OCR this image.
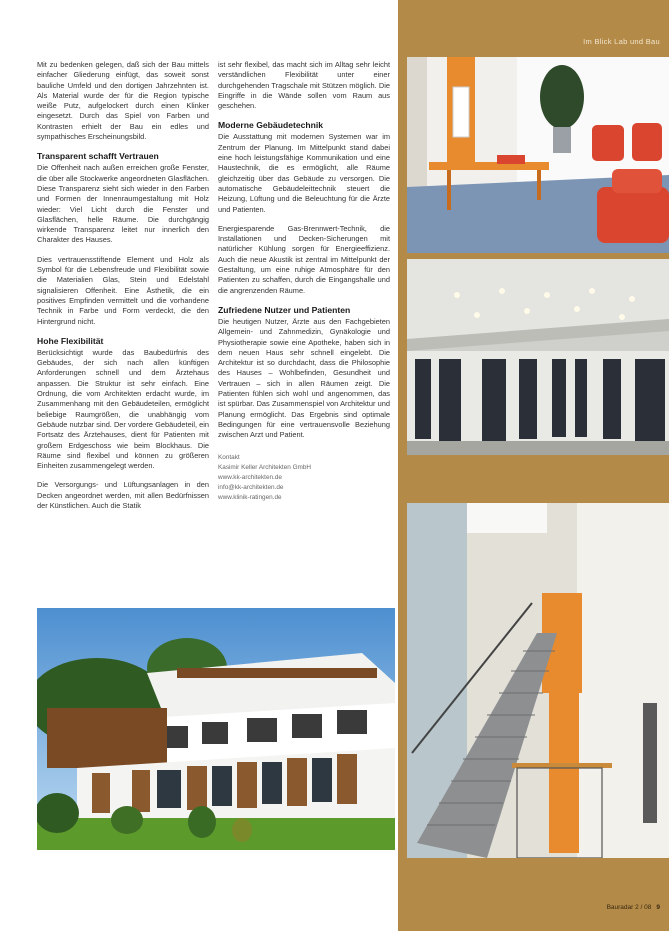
Im Blick Lab und Bau

Mit zu bedenken gelegen, daß sich der Bau mittels einfacher Gliederung einfügt, das soweit sonst bauliche Umfeld und den dortigen Jahrzehnten ist. Als Material wurde der für die Region typische weiße Putz, aufgelockert durch einen Klinker eingesetzt. Durch das Spiel von Farben und Kontrasten erhielt der Bau ein edles und sympathisches Erscheinungsbild.

Transparent schafft Vertrauen

Die Offenheit nach außen erreichen große Fenster, die über alle Stockwerke angeordneten Glasflächen. Diese Transparenz sieht sich wieder in den Farben und Formen der Innenraumgestaltung mit Holz wieder: Viel Licht durch die Fenster und Glasflächen, helle Räume. Die durchgängig wirkende Transparenz leitet nur innerlich den Charakter des Hauses.

Dies vertrauensstiftende Element und Holz als Symbol für die Lebensfreude und Flexibilität sowie die Materialien Glas, Stein und Edelstahl signalisieren Offenheit. Eine Ästhetik, die ein positives Empfinden vermittelt und die vorhandene Technik in Farbe und Form verdeckt, die den Hintergrund nicht.

Hohe Flexibilität

Berücksichtigt wurde das Baubedürfnis des Gebäudes, der sich nach allen künftigen Anforderungen schnell und dem Ärztehaus anpassen. Die Struktur ist sehr einfach. Eine Ordnung, die vom Architekten erdacht wurde, im Zusammenhang mit den Gebäudeteilen, ermöglicht beliebige Raumgrößen, die unabhängig vom Gebäude nutzbar sind. Der vordere Gebäudeteil, ein Fortsatz des Ärztehauses, dient für Patienten mit großem Erdgeschoss wie beim Blockhaus. Die Räume sind flexibel und können zu größeren Einheiten zusammengelegt werden.

Die Versorgungs- und Lüftungsanlagen in den Decken angeordnet werden, mit allen Bedürfnissen der Künstlichen. Auch die Statik

ist sehr flexibel, das macht sich im Alltag sehr leicht verständlichen Flexibilität unter einer durchgehenden Tragschale mit Stützen möglich. Die Eingriffe in die Wände sollen vom Raum aus geschehen.

Moderne Gebäudetechnik

Die Ausstattung mit modernen Systemen war im Zentrum der Planung. Im Mittelpunkt stand dabei eine hoch leistungsfähige Kommunikation und eine Haustechnik, die es ermöglicht, alle Räume gleichzeitig über das Gebäude zu versorgen. Die automatische Gebäudeleittechnik steuert die Heizung, Lüftung und die Beleuchtung für die Ärzte und Patienten.

Energiesparende Gas-Brennwert-Technik, die Installationen und Decken-Sicherungen mit natürlicher Kühlung sorgen für Energieeffizienz. Auch die neue Akustik ist zentral im Mittelpunkt der Gestaltung, um eine ruhige Atmosphäre für den Patienten zu schaffen, durch die Eingangshalle und die angrenzenden Räume.

Zufriedene Nutzer und Patienten

Die heutigen Nutzer, Ärzte aus den Fachgebieten Allgemein- und Zahnmedizin, Gynäkologie und Physiotherapie sowie eine Apotheke, haben sich in dem neuen Haus sehr schnell eingelebt. Die Architektur ist so durchdacht, dass die Philosophie des Hauses – Wohlbefinden, Gesundheit und Vertrauen – sich in allen Räumen zeigt. Die Patienten fühlen sich wohl und angenommen, das ist spürbar. Das Zusammenspiel von Architektur und Planung ermöglicht. Das Ergebnis sind optimale Bedingungen für eine vertrauensvolle Beziehung zwischen Arzt und Patient.

Kontakt
Kasimir Keller Architekten GmbH
www.kk-architekten.de
info@kk-architekten.de
www.klinik-ratingen.de
Bauradar 2 / 08 9
